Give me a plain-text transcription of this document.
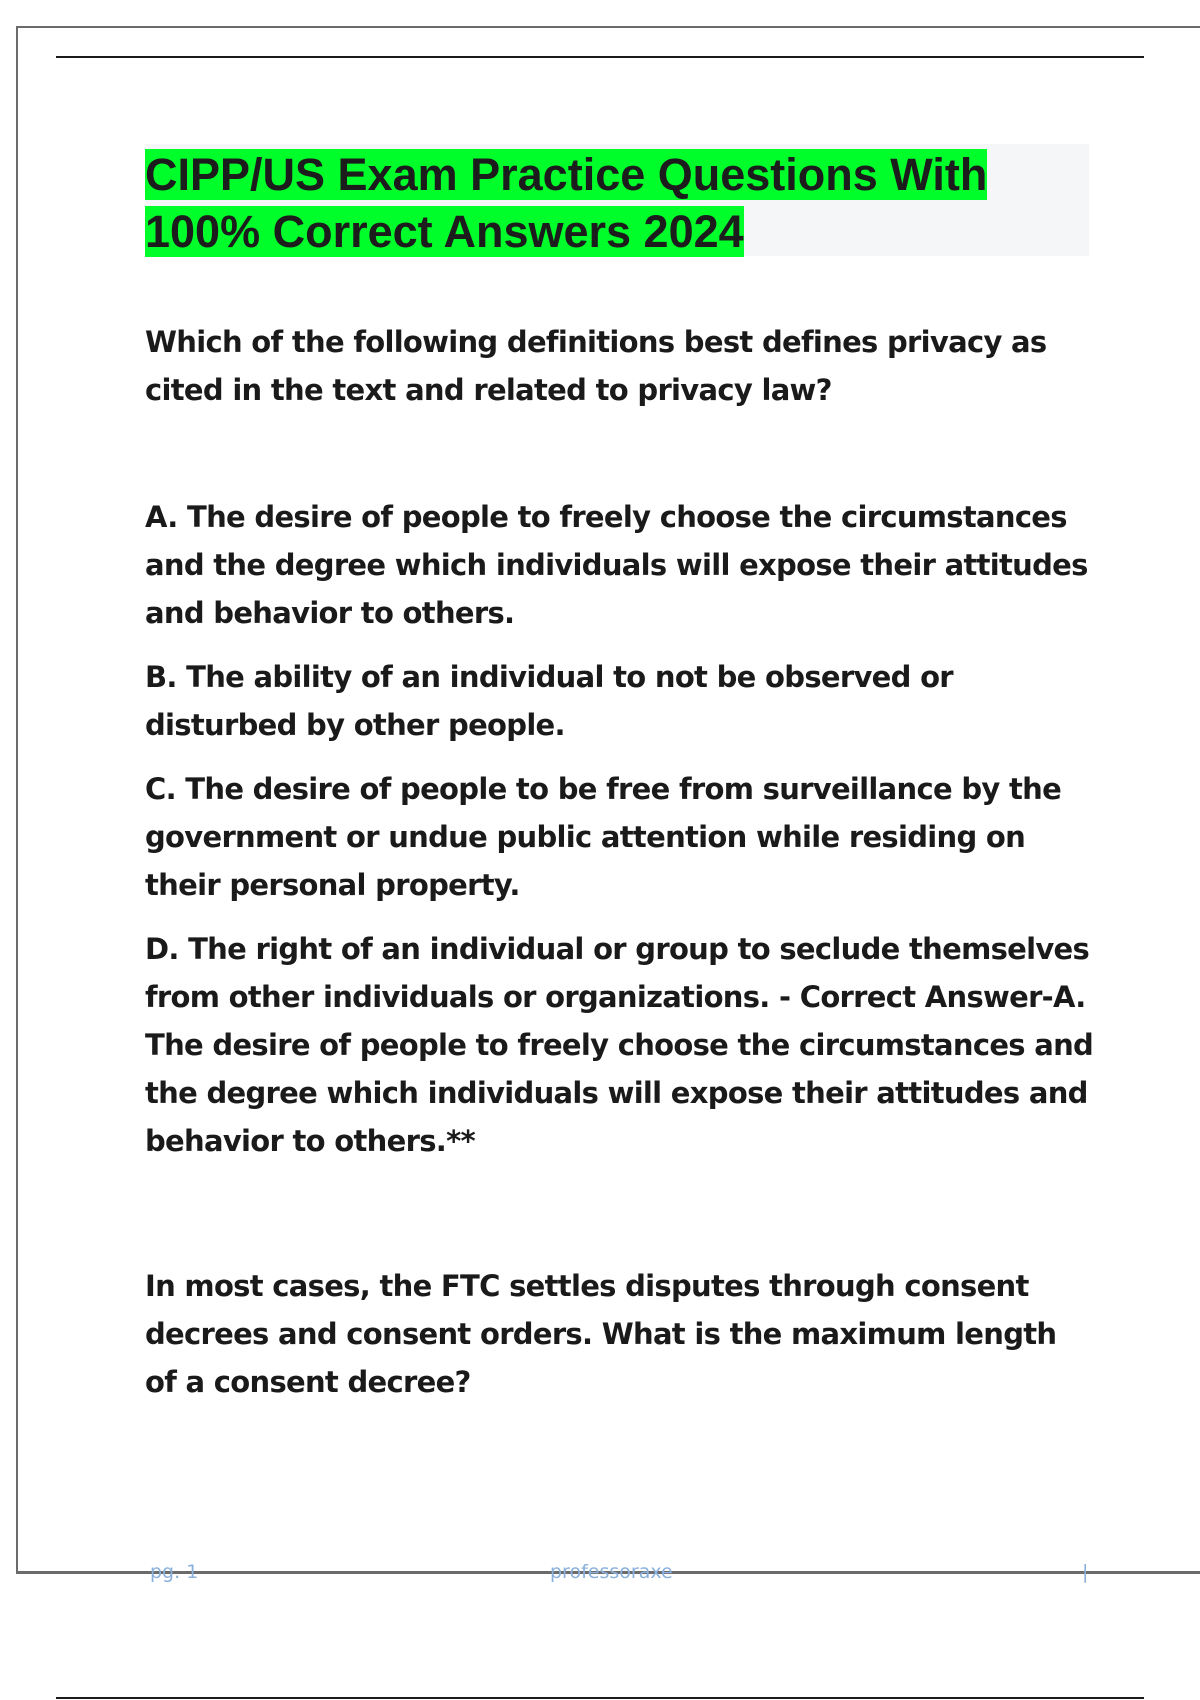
CIPP/US Exam Practice Questions With 100% Correct Answers 2024

Which of the following definitions best defines privacy as cited in the text and related to privacy law?

A. The desire of people to freely choose the circumstances and the degree which individuals will expose their attitudes and behavior to others.

B. The ability of an individual to not be observed or disturbed by other people.

C. The desire of people to be free from surveillance by the government or undue public attention while residing on their personal property.

D. The right of an individual or group to seclude themselves from other individuals or organizations. - Correct Answer-A. The desire of people to freely choose the circumstances and the degree which individuals will expose their attitudes and behavior to others.**

In most cases, the FTC settles disputes through consent decrees and consent orders. What is the maximum length of a consent decree?

pg. 1	professoraxe	|
